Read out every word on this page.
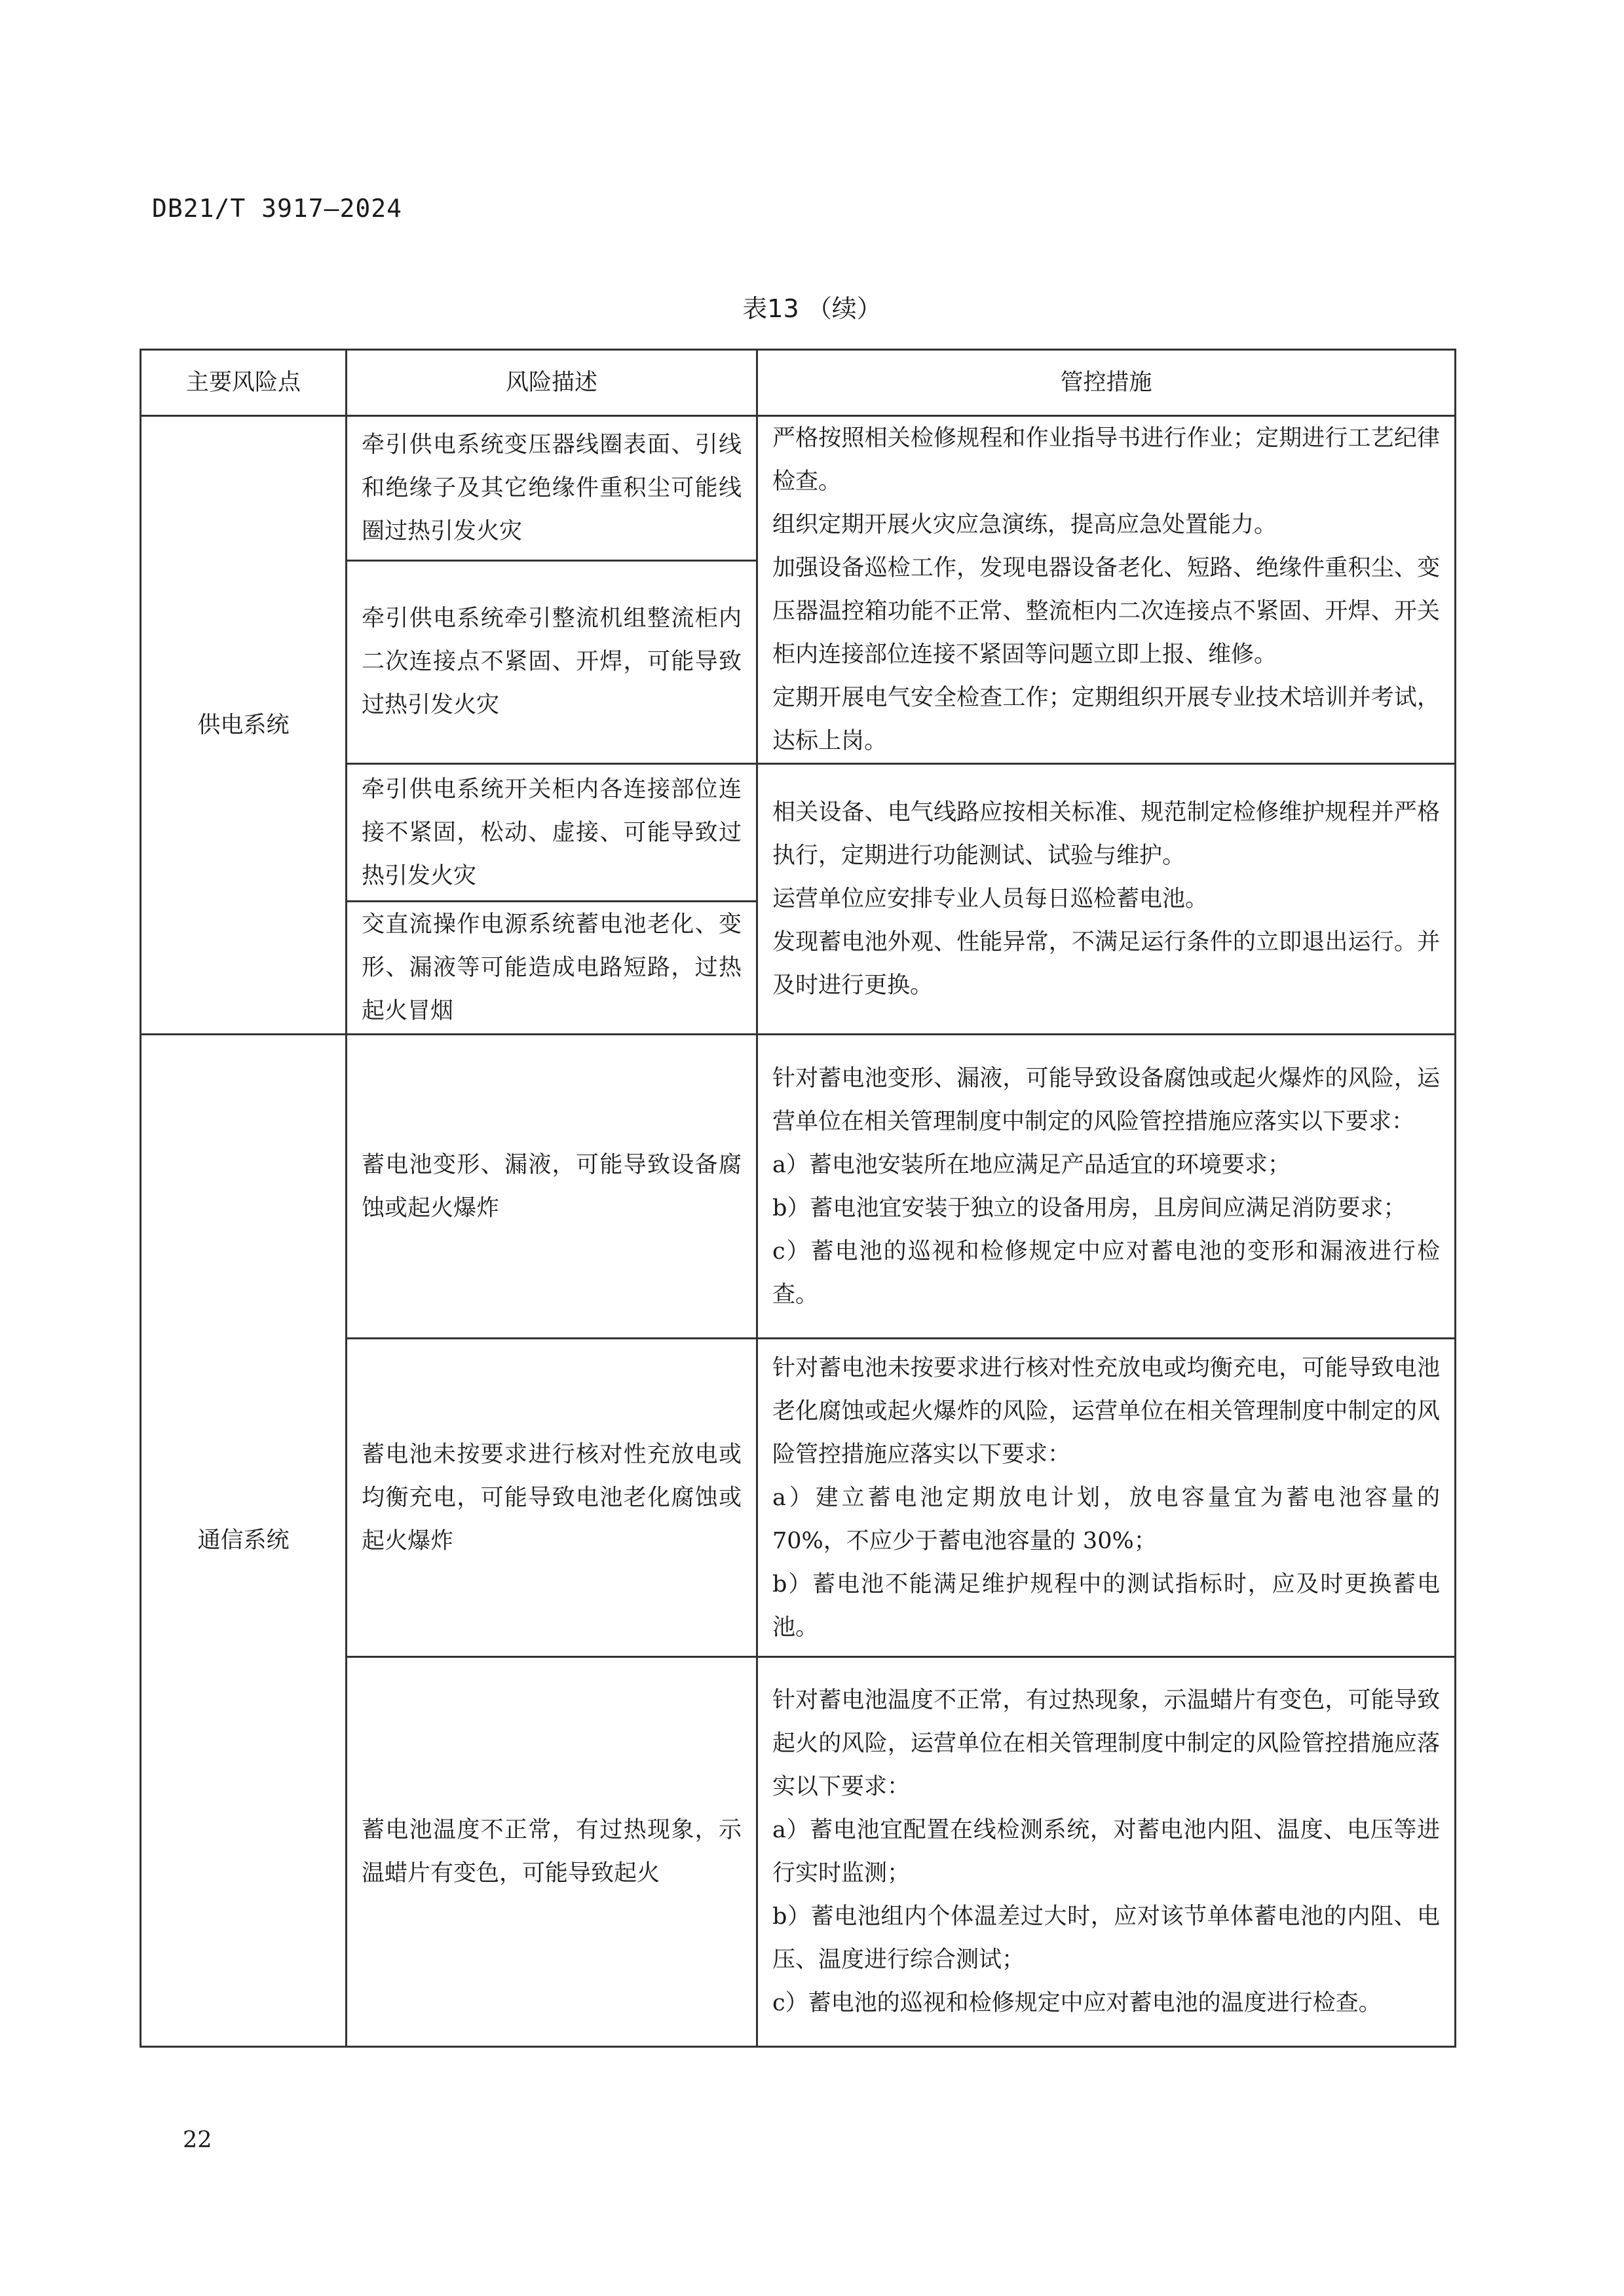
DB21/T 3917—2024
表13 （续）
主要风险点	风险描述	管控措施
供电系统	牵引供电系统变压器线圈表面、引线和绝缘子及其它绝缘件重积尘可能线圈过热引发火灾	严格按照相关检修规程和作业指导书进行作业；定期进行工艺纪律检查。

组织定期开展火灾应急演练，提高应急处置能力。

加强设备巡检工作，发现电器设备老化、短路、绝缘件重积尘、变压器温控箱功能不正常、整流柜内二次连接点不紧固、开焊、开关柜内连接部位连接不紧固等问题立即上报、维修。

定期开展电气安全检查工作；定期组织开展专业技术培训并考试，达标上岗。

	牵引供电系统牵引整流机组整流柜内二次连接点不紧固、开焊，可能导致过热引发火灾	
	牵引供电系统开关柜内各连接部位连接不紧固，松动、虚接、可能导致过热引发火灾	相关设备、电气线路应按相关标准、规范制定检修维护规程并严格执行，定期进行功能测试、试验与维护。

运营单位应安排专业人员每日巡检蓄电池。

发现蓄电池外观、性能异常，不满足运行条件的立即退出运行。并及时进行更换。

	交直流操作电源系统蓄电池老化、变形、漏液等可能造成电路短路，过热起火冒烟	
通信系统	蓄电池变形、漏液，可能导致设备腐蚀或起火爆炸	针对蓄电池变形、漏液，可能导致设备腐蚀或起火爆炸的风险，运营单位在相关管理制度中制定的风险管控措施应落实以下要求：

a）蓄电池安装所在地应满足产品适宜的环境要求；

b）蓄电池宜安装于独立的设备用房，且房间应满足消防要求；

c）蓄电池的巡视和检修规定中应对蓄电池的变形和漏液进行检查。

	蓄电池未按要求进行核对性充放电或均衡充电，可能导致电池老化腐蚀或起火爆炸	针对蓄电池未按要求进行核对性充放电或均衡充电，可能导致电池老化腐蚀或起火爆炸的风险，运营单位在相关管理制度中制定的风险管控措施应落实以下要求：

a）建立蓄电池定期放电计划，放电容量宜为蓄电池容量的 70%，不应少于蓄电池容量的 30%；

b）蓄电池不能满足维护规程中的测试指标时，应及时更换蓄电池。

	蓄电池温度不正常，有过热现象，示温蜡片有变色，可能导致起火	针对蓄电池温度不正常，有过热现象，示温蜡片有变色，可能导致起火的风险，运营单位在相关管理制度中制定的风险管控措施应落实以下要求：

a）蓄电池宜配置在线检测系统，对蓄电池内阻、温度、电压等进行实时监测；

b）蓄电池组内个体温差过大时，应对该节单体蓄电池的内阻、电压、温度进行综合测试；

c）蓄电池的巡视和检修规定中应对蓄电池的温度进行检查。

22
